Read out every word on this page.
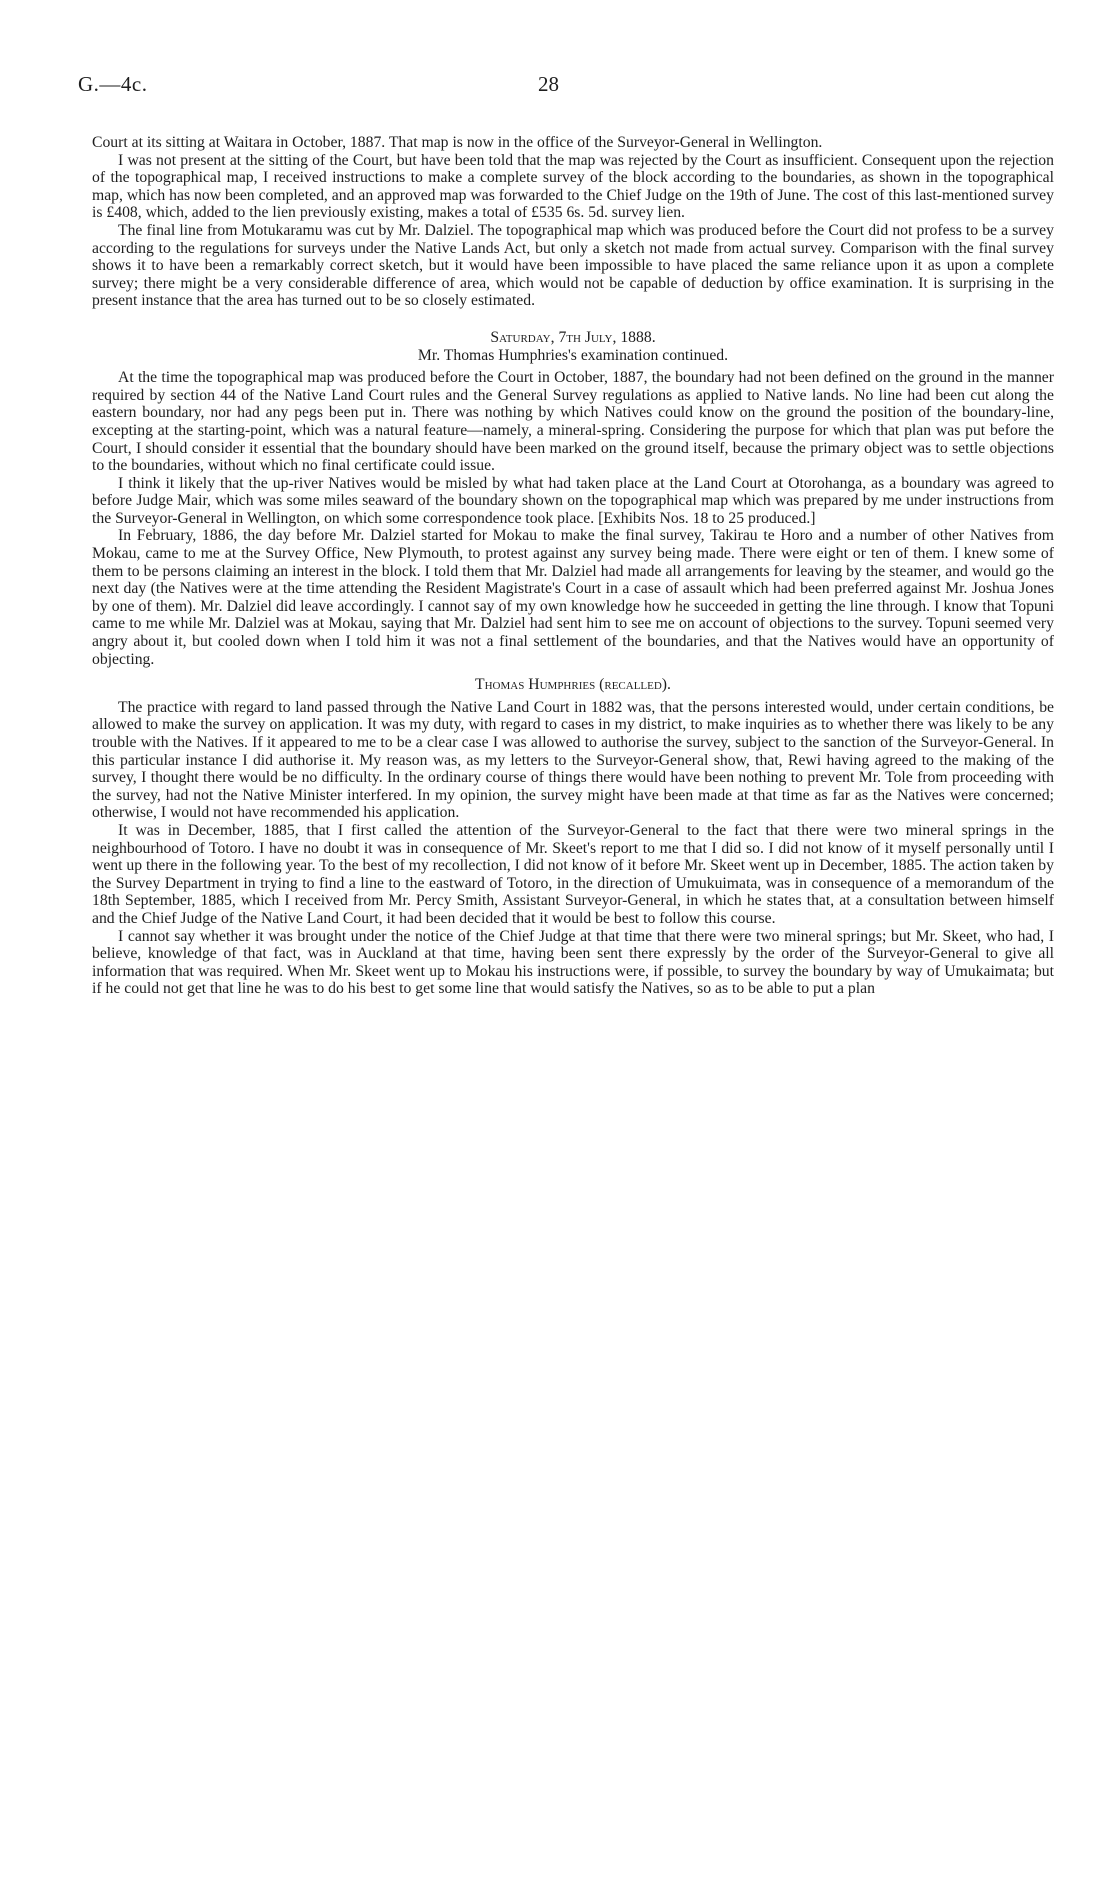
G.—4c.	28

Court at its sitting at Waitara in October, 1887. That map is now in the office of the Surveyor-General in Wellington.

I was not present at the sitting of the Court, but have been told that the map was rejected by the Court as insufficient. Consequent upon the rejection of the topographical map, I received instructions to make a complete survey of the block according to the boundaries, as shown in the topographical map, which has now been completed, and an approved map was forwarded to the Chief Judge on the 19th of June. The cost of this last-mentioned survey is £408, which, added to the lien previously existing, makes a total of £535 6s. 5d. survey lien.

The final line from Motukaramu was cut by Mr. Dalziel. The topographical map which was produced before the Court did not profess to be a survey according to the regulations for surveys under the Native Lands Act, but only a sketch not made from actual survey. Comparison with the final survey shows it to have been a remarkably correct sketch, but it would have been impossible to have placed the same reliance upon it as upon a complete survey; there might be a very considerable difference of area, which would not be capable of deduction by office examination. It is surprising in the present instance that the area has turned out to be so closely estimated.

Saturday, 7th July, 1888.
Mr. Thomas Humphries's examination continued.

At the time the topographical map was produced before the Court in October, 1887, the boundary had not been defined on the ground in the manner required by section 44 of the Native Land Court rules and the General Survey regulations as applied to Native lands. No line had been cut along the eastern boundary, nor had any pegs been put in. There was nothing by which Natives could know on the ground the position of the boundary-line, excepting at the starting-point, which was a natural feature—namely, a mineral-spring. Considering the purpose for which that plan was put before the Court, I should consider it essential that the boundary should have been marked on the ground itself, because the primary object was to settle objections to the boundaries, without which no final certificate could issue.

I think it likely that the up-river Natives would be misled by what had taken place at the Land Court at Otorohanga, as a boundary was agreed to before Judge Mair, which was some miles seaward of the boundary shown on the topographical map which was prepared by me under instructions from the Surveyor-General in Wellington, on which some correspondence took place. [Exhibits Nos. 18 to 25 produced.]

In February, 1886, the day before Mr. Dalziel started for Mokau to make the final survey, Takirau te Horo and a number of other Natives from Mokau, came to me at the Survey Office, New Plymouth, to protest against any survey being made. There were eight or ten of them. I knew some of them to be persons claiming an interest in the block. I told them that Mr. Dalziel had made all arrangements for leaving by the steamer, and would go the next day (the Natives were at the time attending the Resident Magistrate's Court in a case of assault which had been preferred against Mr. Joshua Jones by one of them). Mr. Dalziel did leave accordingly. I cannot say of my own knowledge how he succeeded in getting the line through. I know that Topuni came to me while Mr. Dalziel was at Mokau, saying that Mr. Dalziel had sent him to see me on account of objections to the survey. Topuni seemed very angry about it, but cooled down when I told him it was not a final settlement of the boundaries, and that the Natives would have an opportunity of objecting.

Thomas Humphries (recalled).

The practice with regard to land passed through the Native Land Court in 1882 was, that the persons interested would, under certain conditions, be allowed to make the survey on application. It was my duty, with regard to cases in my district, to make inquiries as to whether there was likely to be any trouble with the Natives. If it appeared to me to be a clear case I was allowed to authorise the survey, subject to the sanction of the Surveyor-General. In this particular instance I did authorise it. My reason was, as my letters to the Surveyor-General show, that, Rewi having agreed to the making of the survey, I thought there would be no difficulty. In the ordinary course of things there would have been nothing to prevent Mr. Tole from proceeding with the survey, had not the Native Minister interfered. In my opinion, the survey might have been made at that time as far as the Natives were concerned; otherwise, I would not have recommended his application.

It was in December, 1885, that I first called the attention of the Surveyor-General to the fact that there were two mineral springs in the neighbourhood of Totoro. I have no doubt it was in consequence of Mr. Skeet's report to me that I did so. I did not know of it myself personally until I went up there in the following year. To the best of my recollection, I did not know of it before Mr. Skeet went up in December, 1885. The action taken by the Survey Department in trying to find a line to the eastward of Totoro, in the direction of Umukuimata, was in consequence of a memorandum of the 18th September, 1885, which I received from Mr. Percy Smith, Assistant Surveyor-General, in which he states that, at a consultation between himself and the Chief Judge of the Native Land Court, it had been decided that it would be best to follow this course.

I cannot say whether it was brought under the notice of the Chief Judge at that time that there were two mineral springs; but Mr. Skeet, who had, I believe, knowledge of that fact, was in Auckland at that time, having been sent there expressly by the order of the Surveyor-General to give all information that was required. When Mr. Skeet went up to Mokau his instructions were, if possible, to survey the boundary by way of Umukaimata; but if he could not get that line he was to do his best to get some line that would satisfy the Natives, so as to be able to put a plan
